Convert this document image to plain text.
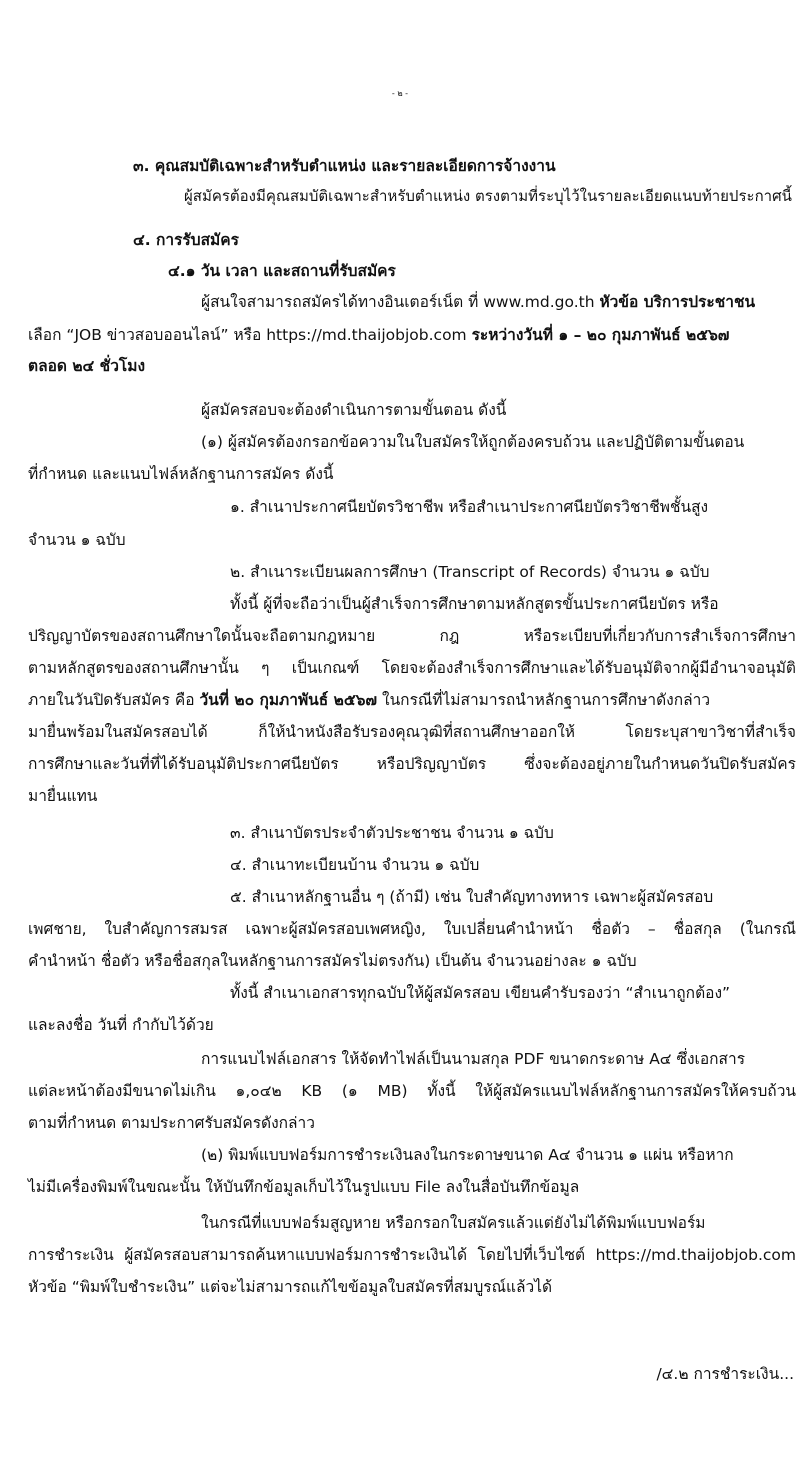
- ๒ -
๓. คุณสมบัติเฉพาะสำหรับตำแหน่ง และรายละเอียดการจ้างงาน
ผู้สมัครต้องมีคุณสมบัติเฉพาะสำหรับตำแหน่ง ตรงตามที่ระบุไว้ในรายละเอียดแนบท้ายประกาศนี้
๔. การรับสมัคร
๔.๑ วัน เวลา และสถานที่รับสมัคร
ผู้สนใจสามารถสมัครได้ทางอินเตอร์เน็ต ที่ www.md.go.th หัวข้อ บริการประชาชน
เลือก “JOB ข่าวสอบออนไลน์” หรือ https://md.thaijobjob.com ระหว่างวันที่ ๑ – ๒๐ กุมภาพันธ์ ๒๕๖๗
ตลอด ๒๔ ชั่วโมง
ผู้สมัครสอบจะต้องดำเนินการตามขั้นตอน ดังนี้
(๑) ผู้สมัครต้องกรอกข้อความในใบสมัครให้ถูกต้องครบถ้วน และปฏิบัติตามขั้นตอน
ที่กำหนด และแนบไฟล์หลักฐานการสมัคร ดังนี้
๑. สำเนาประกาศนียบัตรวิชาชีพ หรือสำเนาประกาศนียบัตรวิชาชีพชั้นสูง
จำนวน ๑ ฉบับ
๒. สำเนาระเบียนผลการศึกษา (Transcript of Records) จำนวน ๑ ฉบับ
ทั้งนี้ ผู้ที่จะถือว่าเป็นผู้สำเร็จการศึกษาตามหลักสูตรขั้นประกาศนียบัตร หรือ
ปริญญาบัตรของสถานศึกษาใดนั้นจะถือตามกฎหมาย กฎ หรือระเบียบที่เกี่ยวกับการสำเร็จการศึกษา
ตามหลักสูตรของสถานศึกษานั้น ๆ เป็นเกณฑ์ โดยจะต้องสำเร็จการศึกษาและได้รับอนุมัติจากผู้มีอำนาจอนุมัติ
ภายในวันปิดรับสมัคร คือ วันที่ ๒๐ กุมภาพันธ์ ๒๕๖๗ ในกรณีที่ไม่สามารถนำหลักฐานการศึกษาดังกล่าว
มายื่นพร้อมในสมัครสอบได้ ก็ให้นำหนังสือรับรองคุณวุฒิที่สถานศึกษาออกให้ โดยระบุสาขาวิชาที่สำเร็จ
การศึกษาและวันที่ที่ได้รับอนุมัติประกาศนียบัตร หรือปริญญาบัตร ซึ่งจะต้องอยู่ภายในกำหนดวันปิดรับสมัคร
มายื่นแทน
๓. สำเนาบัตรประจำตัวประชาชน จำนวน ๑ ฉบับ
๔. สำเนาทะเบียนบ้าน จำนวน ๑ ฉบับ
๕. สำเนาหลักฐานอื่น ๆ (ถ้ามี) เช่น ใบสำคัญทางทหาร เฉพาะผู้สมัครสอบ
เพศชาย, ใบสำคัญการสมรส เฉพาะผู้สมัครสอบเพศหญิง, ใบเปลี่ยนคำนำหน้า ชื่อตัว – ชื่อสกุล (ในกรณี
คำนำหน้า ชื่อตัว หรือชื่อสกุลในหลักฐานการสมัครไม่ตรงกัน) เป็นต้น จำนวนอย่างละ ๑ ฉบับ
ทั้งนี้ สำเนาเอกสารทุกฉบับให้ผู้สมัครสอบ เขียนคำรับรองว่า “สำเนาถูกต้อง”
และลงชื่อ วันที่ กำกับไว้ด้วย
การแนบไฟล์เอกสาร ให้จัดทำไฟล์เป็นนามสกุล PDF ขนาดกระดาษ A๔ ซึ่งเอกสาร
แต่ละหน้าต้องมีขนาดไม่เกิน ๑,๐๔๒ KB (๑ MB) ทั้งนี้ ให้ผู้สมัครแนบไฟล์หลักฐานการสมัครให้ครบถ้วน
ตามที่กำหนด ตามประกาศรับสมัครดังกล่าว
(๒) พิมพ์แบบฟอร์มการชำระเงินลงในกระดาษขนาด A๔ จำนวน ๑ แผ่น หรือหาก
ไม่มีเครื่องพิมพ์ในขณะนั้น ให้บันทึกข้อมูลเก็บไว้ในรูปแบบ File ลงในสื่อบันทึกข้อมูล
ในกรณีที่แบบฟอร์มสูญหาย หรือกรอกใบสมัครแล้วแต่ยังไม่ได้พิมพ์แบบฟอร์ม
การชำระเงิน ผู้สมัครสอบสามารถค้นหาแบบฟอร์มการชำระเงินได้ โดยไปที่เว็บไซต์ https://md.thaijobjob.com
หัวข้อ “พิมพ์ใบชำระเงิน” แต่จะไม่สามารถแก้ไขข้อมูลใบสมัครที่สมบูรณ์แล้วได้
/๔.๒ การชำระเงิน...
